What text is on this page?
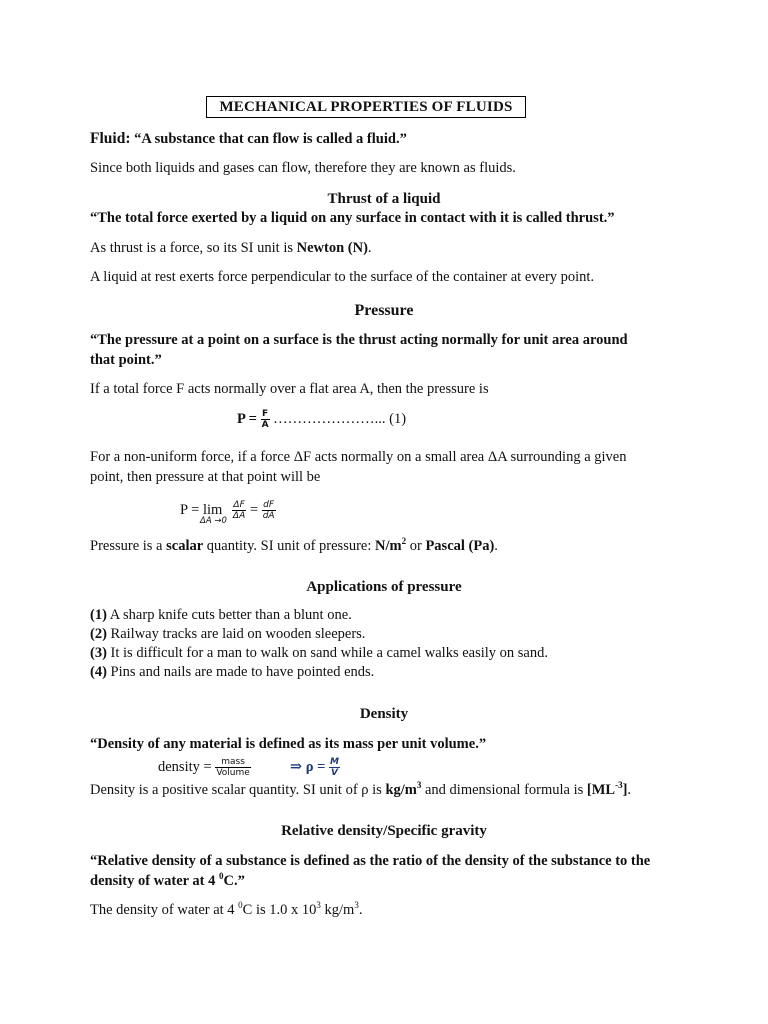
MECHANICAL PROPERTIES OF FLUIDS
Fluid: “A substance that can flow is called a fluid.”
Since both liquids and gases can flow, therefore they are known as fluids.
Thrust of a liquid
“The total force exerted by a liquid on any surface in contact with it is called thrust.”
As thrust is a force, so its SI unit is Newton (N).
A liquid at rest exerts force perpendicular to the surface of the container at every point.
Pressure
“The pressure at a point on a surface is the thrust acting normally for unit area around
that point.”
If a total force F acts normally over a flat area A, then the pressure is
$P = \frac{F}{A}$ …………………... (1)
For a non-uniform force, if a force ΔF acts normally on a small area ΔA surrounding a given
point, then pressure at that point will be
$P = \lim \frac{\Delta F}{\Delta A} = \frac{dF}{dA}$
ΔA →0
Pressure is a scalar quantity. SI unit of pressure: $N/m^2$ or Pascal (Pa).
Applications of pressure
(1) A sharp knife cuts better than a blunt one.
(2) Railway tracks are laid on wooden sleepers.
(3) It is difficult for a man to walk on sand while a camel walks easily on sand.
(4) Pins and nails are made to have pointed ends.
Density
“Density of any material is defined as its mass per unit volume.”
density = $\frac{\text{mass}}{\text{Volume}}$	⇒ $\rho = \frac{M}{V}$
Density is a positive scalar quantity. SI unit of ρ is $kg/m^3$ and dimensional formula is $[ML^{-3}]$.
Relative density/Specific gravity
“Relative density of a substance is defined as the ratio of the density of the substance to the
density of water at 4 $^0$C.”
The density of water at 4 $^0$C is 1.0 x $10^3$ $kg/m^3$.
